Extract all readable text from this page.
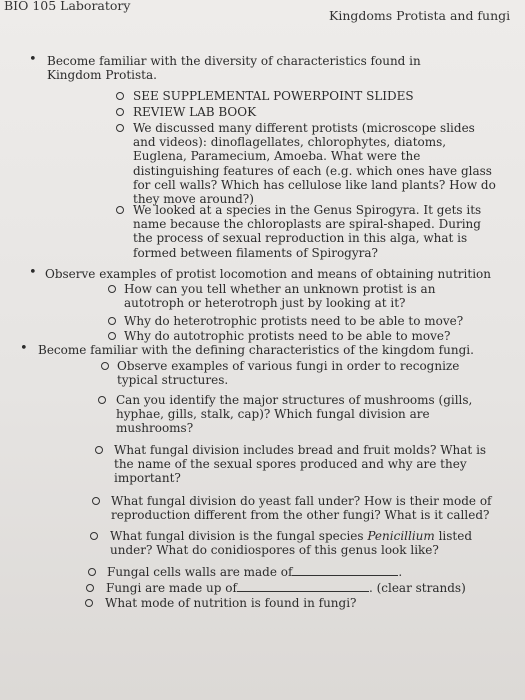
BIO 105 Laboratory
Kingdoms Protista and fungi
• Become familiar with the diversity of characteristics found in Kingdom Protista.
SEE SUPPLEMENTAL POWERPOINT SLIDES
REVIEW LAB BOOK
We discussed many different protists (microscope slides and videos): dinoflagellates, chlorophytes, diatoms, Euglena, Paramecium, Amoeba. What were the distinguishing features of each (e.g. which ones have glass for cell walls? Which has cellulose like land plants? How do they move around?)
We looked at a species in the Genus Spirogyra. It gets its name because the chloroplasts are spiral-shaped. During the process of sexual reproduction in this alga, what is formed between filaments of Spirogyra?
• Observe examples of protist locomotion and means of obtaining nutrition
How can you tell whether an unknown protist is an autotroph or heterotroph just by looking at it?
Why do heterotrophic protists need to be able to move?
Why do autotrophic protists need to be able to move?
• Become familiar with the defining characteristics of the kingdom fungi.
Observe examples of various fungi in order to recognize typical structures.
Can you identify the major structures of mushrooms (gills, hyphae, gills, stalk, cap)? Which fungal division are mushrooms?
What fungal division includes bread and fruit molds? What is the name of the sexual spores produced and why are they important?
What fungal division do yeast fall under? How is their mode of reproduction different from the other fungi? What is it called?
What fungal division is the fungal species Penicillium listed under? What do conidiospores of this genus look like?
Fungal cells walls are made of	.
Fungi are made up of	. (clear strands)
What mode of nutrition is found in fungi?
